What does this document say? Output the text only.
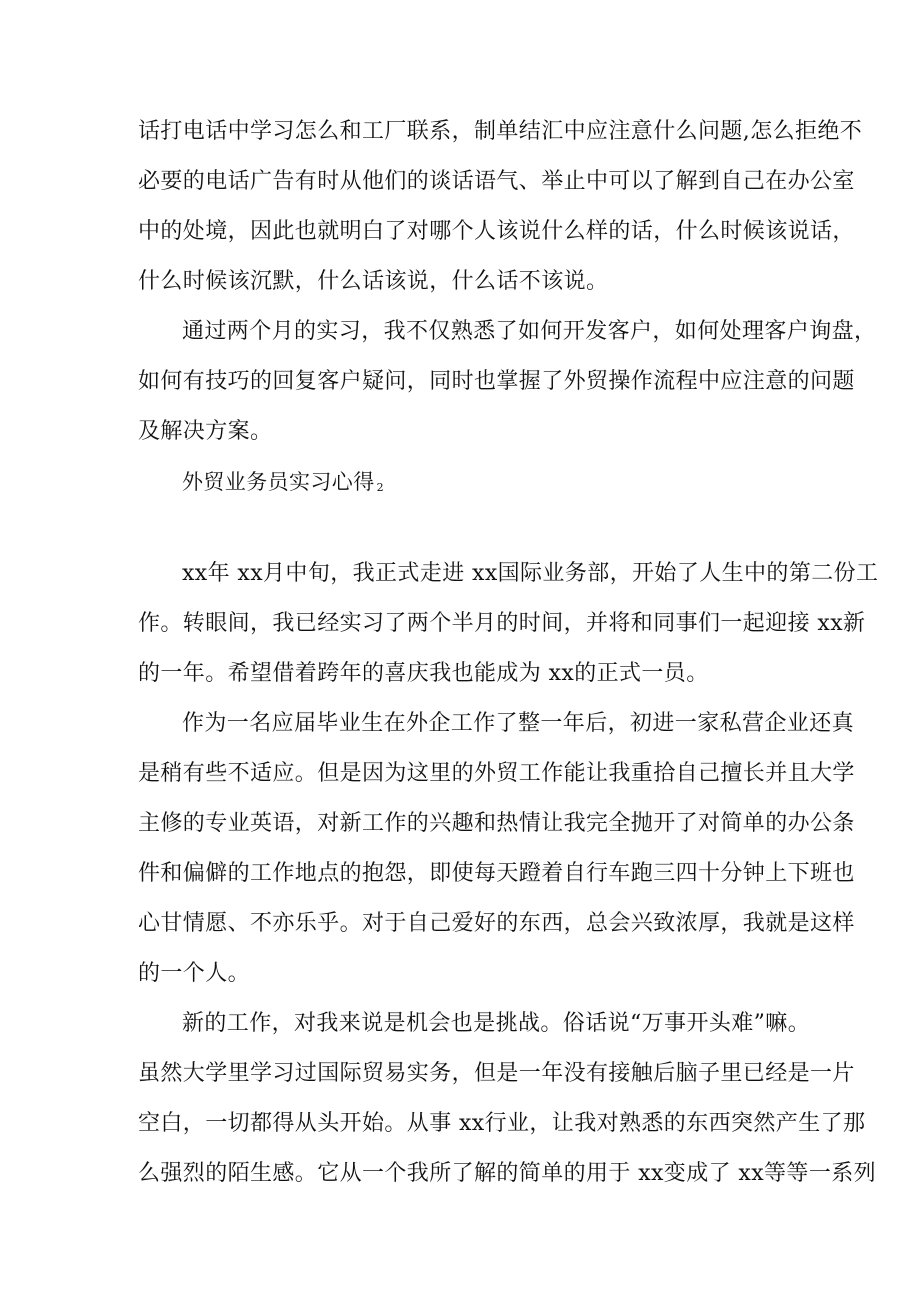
话打电话中学习怎么和工厂联系，制单结汇中应注意什么问题,怎么拒绝不
必要的电话广告有时从他们的谈话语气、举止中可以了解到自己在办公室
中的处境，因此也就明白了对哪个人该说什么样的话，什么时候该说话，
什么时候该沉默，什么话该说，什么话不该说。
通过两个月的实习，我不仅熟悉了如何开发客户，如何处理客户询盘，
如何有技巧的回复客户疑问，同时也掌握了外贸操作流程中应注意的问题
及解决方案。
外贸业务员实习心得 2
xx年 xx月中旬，我正式走进 xx国际业务部，开始了人生中的第二份工
作。转眼间，我已经实习了两个半月的时间，并将和同事们一起迎接 xx新
的一年。希望借着跨年的喜庆我也能成为 xx的正式一员。
作为一名应届毕业生在外企工作了整一年后，初进一家私营企业还真
是稍有些不适应。但是因为这里的外贸工作能让我重拾自己擅长并且大学
主修的专业英语，对新工作的兴趣和热情让我完全抛开了对简单的办公条
件和偏僻的工作地点的抱怨，即使每天蹬着自行车跑三四十分钟上下班也
心甘情愿、不亦乐乎。对于自己爱好的东西，总会兴致浓厚，我就是这样
的一个人。
新的工作，对我来说是机会也是挑战。俗话说“万事开头难”嘛。
虽然大学里学习过国际贸易实务，但是一年没有接触后脑子里已经是一片
空白，一切都得从头开始。从事 xx行业，让我对熟悉的东西突然产生了那
么强烈的陌生感。它从一个我所了解的简单的用于 xx变成了 xx等等一系列
